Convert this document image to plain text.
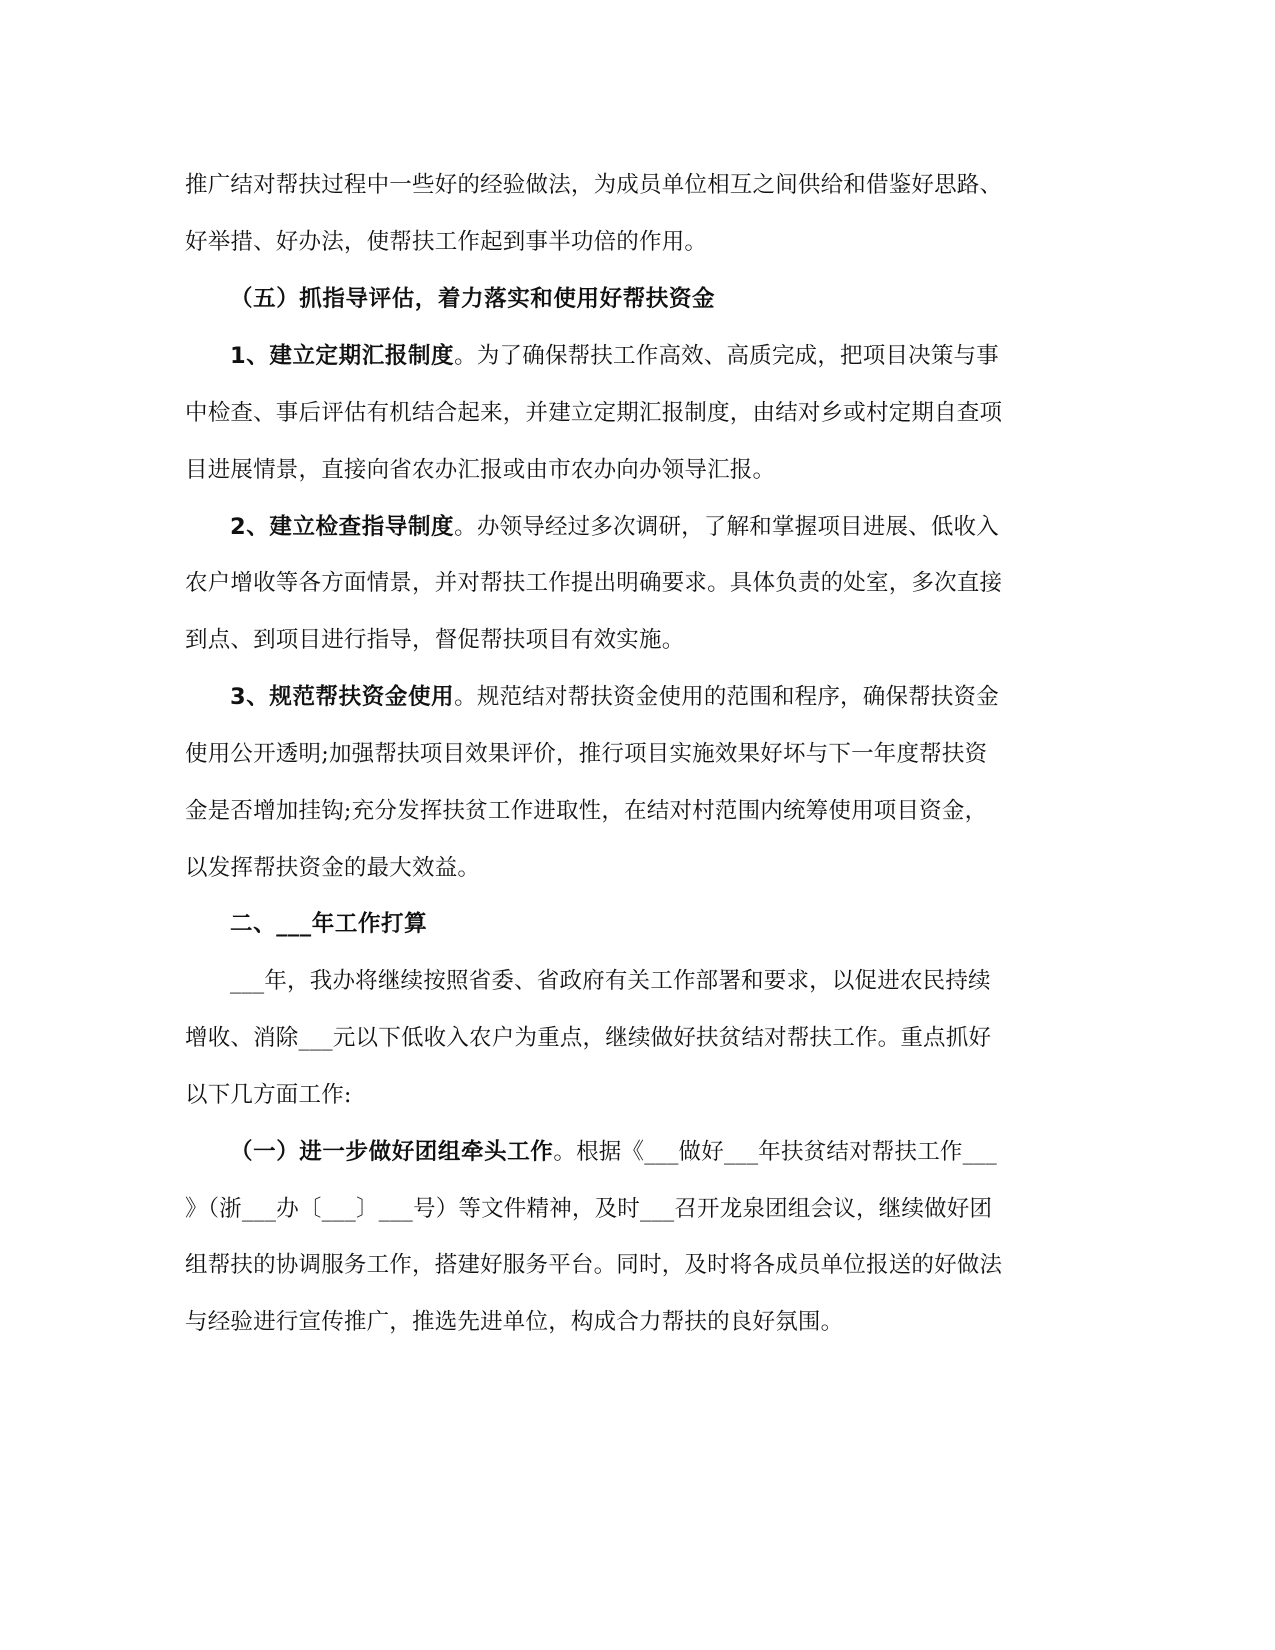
推广结对帮扶过程中一些好的经验做法，为成员单位相互之间供给和借鉴好思路、
好举措、好办法，使帮扶工作起到事半功倍的作用。
（五）抓指导评估，着力落实和使用好帮扶资金
1、建立定期汇报制度。为了确保帮扶工作高效、高质完成，把项目决策与事
中检查、事后评估有机结合起来，并建立定期汇报制度，由结对乡或村定期自查项
目进展情景，直接向省农办汇报或由市农办向办领导汇报。
2、建立检查指导制度。办领导经过多次调研，了解和掌握项目进展、低收入
农户增收等各方面情景，并对帮扶工作提出明确要求。具体负责的处室，多次直接
到点、到项目进行指导，督促帮扶项目有效实施。
3、规范帮扶资金使用。规范结对帮扶资金使用的范围和程序，确保帮扶资金
使用公开透明;加强帮扶项目效果评价，推行项目实施效果好坏与下一年度帮扶资
金是否增加挂钩;充分发挥扶贫工作进取性，在结对村范围内统筹使用项目资金，
以发挥帮扶资金的最大效益。
二、___年工作打算
___年，我办将继续按照省委、省政府有关工作部署和要求，以促进农民持续
增收、消除___元以下低收入农户为重点，继续做好扶贫结对帮扶工作。重点抓好
以下几方面工作:
（一）进一步做好团组牵头工作。根据《___做好___年扶贫结对帮扶工作___
》（浙___办〔___〕___号）等文件精神，及时___召开龙泉团组会议，继续做好团
组帮扶的协调服务工作，搭建好服务平台。同时，及时将各成员单位报送的好做法
与经验进行宣传推广，推选先进单位，构成合力帮扶的良好氛围。
